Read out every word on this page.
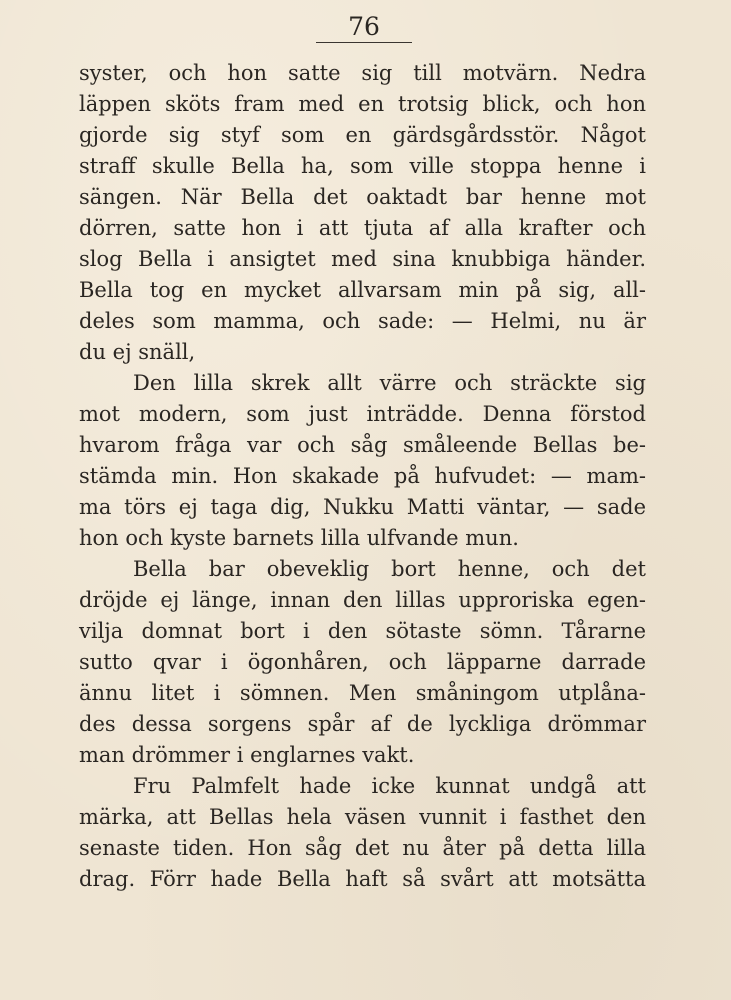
76
syster, och hon satte sig till motvärn. Nedra
läppen sköts fram med en trotsig blick, och hon
gjorde sig styf som en gärdsgårdsstör. Något
straff skulle Bella ha, som ville stoppa henne i
sängen. När Bella det oaktadt bar henne mot
dörren, satte hon i att tjuta af alla krafter och
slog Bella i ansigtet med sina knubbiga händer.
Bella tog en mycket allvarsam min på sig, all-
deles som mamma, och sade: — Helmi, nu är
du ej snäll,
Den lilla skrek allt värre och sträckte sig
mot modern, som just inträdde. Denna förstod
hvarom fråga var och såg småleende Bellas be-
stämda min. Hon skakade på hufvudet: — mam-
ma törs ej taga dig, Nukku Matti väntar, — sade
hon och kyste barnets lilla ulfvande mun.
Bella bar obeveklig bort henne, och det
dröjde ej länge, innan den lillas upproriska egen-
vilja domnat bort i den sötaste sömn. Tårarne
sutto qvar i ögonhåren, och läpparne darrade
ännu litet i sömnen. Men småningom utplåna-
des dessa sorgens spår af de lyckliga drömmar
man drömmer i englarnes vakt.
Fru Palmfelt hade icke kunnat undgå att
märka, att Bellas hela väsen vunnit i fasthet den
senaste tiden. Hon såg det nu åter på detta lilla
drag. Förr hade Bella haft så svårt att motsätta
